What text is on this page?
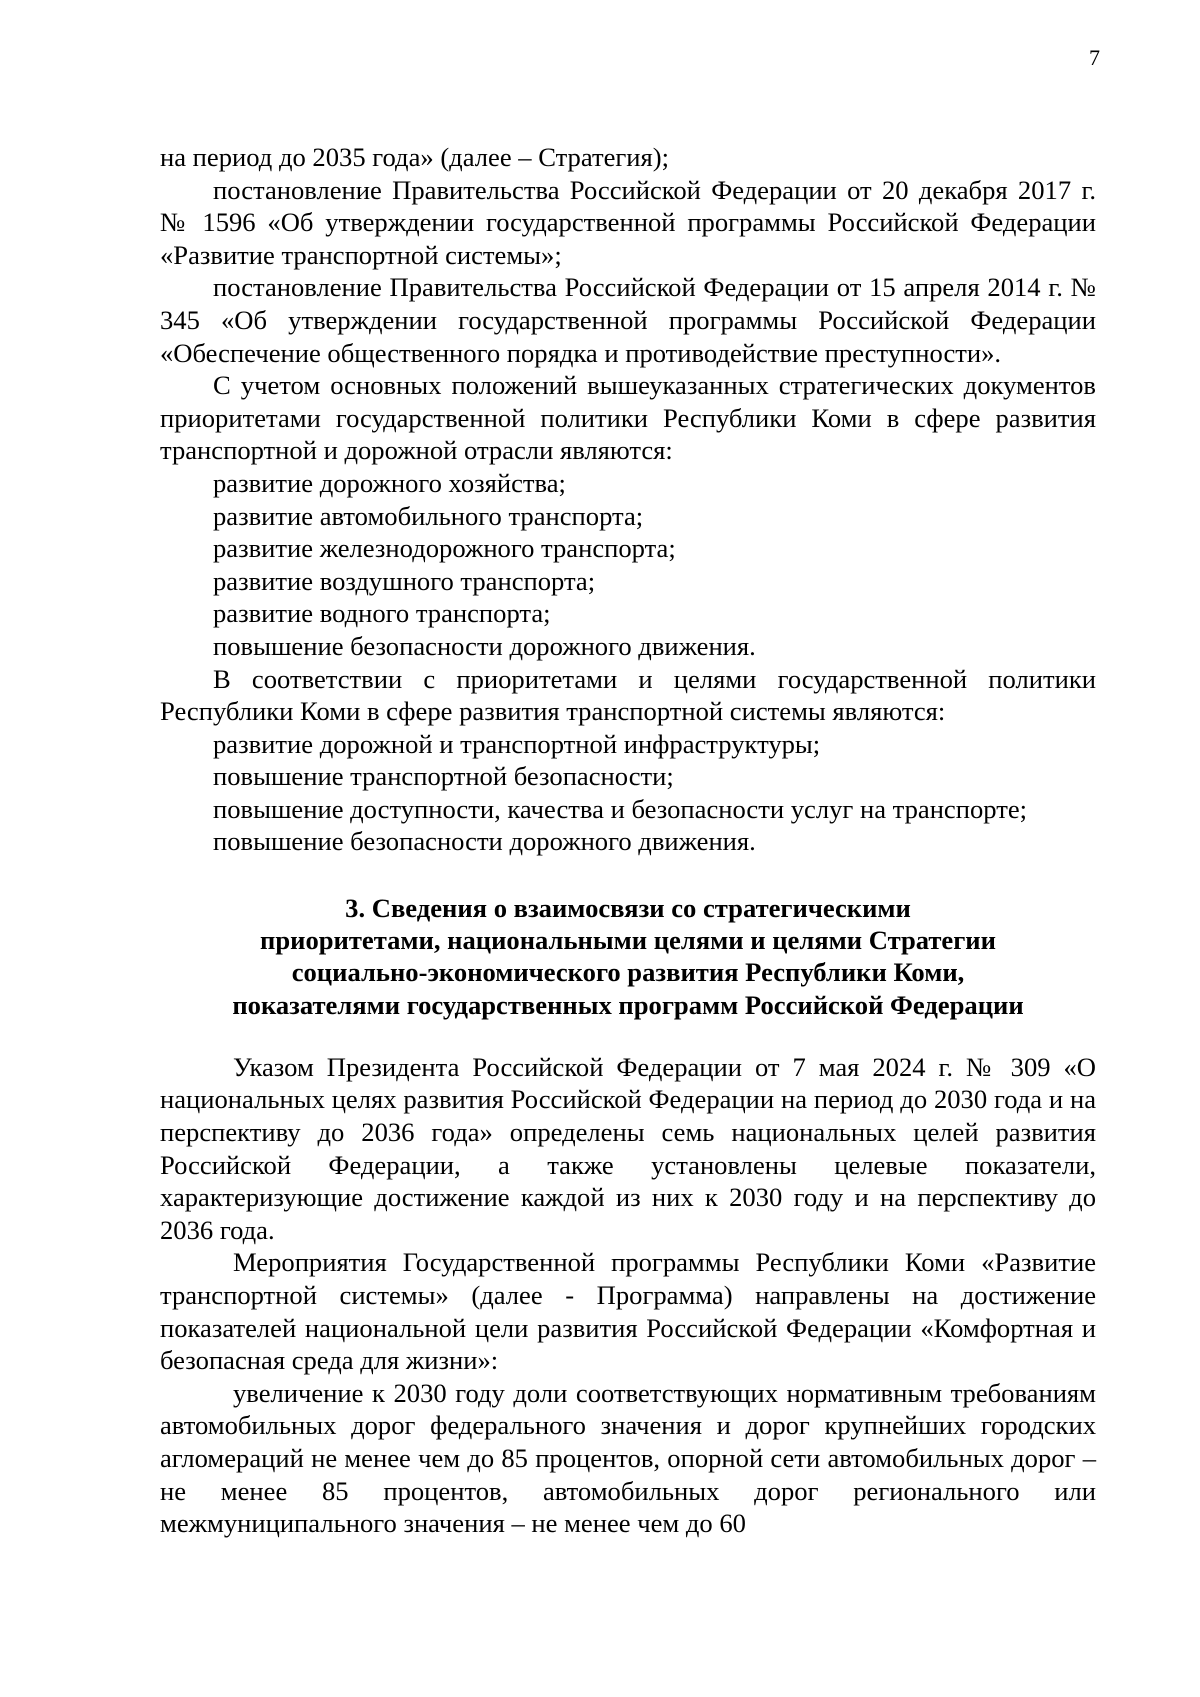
7

на период до 2035 года» (далее – Стратегия);

постановление Правительства Российской Федерации от 20 декабря 2017 г. № 1596 «Об утверждении государственной программы Российской Федерации «Развитие транспортной системы»;

постановление Правительства Российской Федерации от 15 апреля 2014 г. № 345 «Об утверждении государственной программы Российской Федерации «Обеспечение общественного порядка и противодействие преступности».

С учетом основных положений вышеуказанных стратегических документов приоритетами государственной политики Республики Коми в сфере развития транспортной и дорожной отрасли являются:

развитие дорожного хозяйства;

развитие автомобильного транспорта;

развитие железнодорожного транспорта;

развитие воздушного транспорта;

развитие водного транспорта;

повышение безопасности дорожного движения.

В соответствии с приоритетами и целями государственной политики Республики Коми в сфере развития транспортной системы являются:

развитие дорожной и транспортной инфраструктуры;

повышение транспортной безопасности;

повышение доступности, качества и безопасности услуг на транспорте;

повышение безопасности дорожного движения.

3. Сведения о взаимосвязи со стратегическими
приоритетами, национальными целями и целями Стратегии
социально-экономического развития Республики Коми,
показателями государственных программ Российской Федерации

Указом Президента Российской Федерации от 7 мая 2024 г. № 309 «О национальных целях развития Российской Федерации на период до 2030 года и на перспективу до 2036 года» определены семь национальных целей развития Российской Федерации, а также установлены целевые показатели, характеризующие достижение каждой из них к 2030 году и на перспективу до 2036 года.

Мероприятия Государственной программы Республики Коми «Развитие транспортной системы» (далее - Программа) направлены на достижение показателей национальной цели развития Российской Федерации «Комфортная и безопасная среда для жизни»:

увеличение к 2030 году доли соответствующих нормативным требованиям автомобильных дорог федерального значения и дорог крупнейших городских агломераций не менее чем до 85 процентов, опорной сети автомобильных дорог – не менее 85 процентов, автомобильных дорог регионального или межмуниципального значения – не менее чем до 60
